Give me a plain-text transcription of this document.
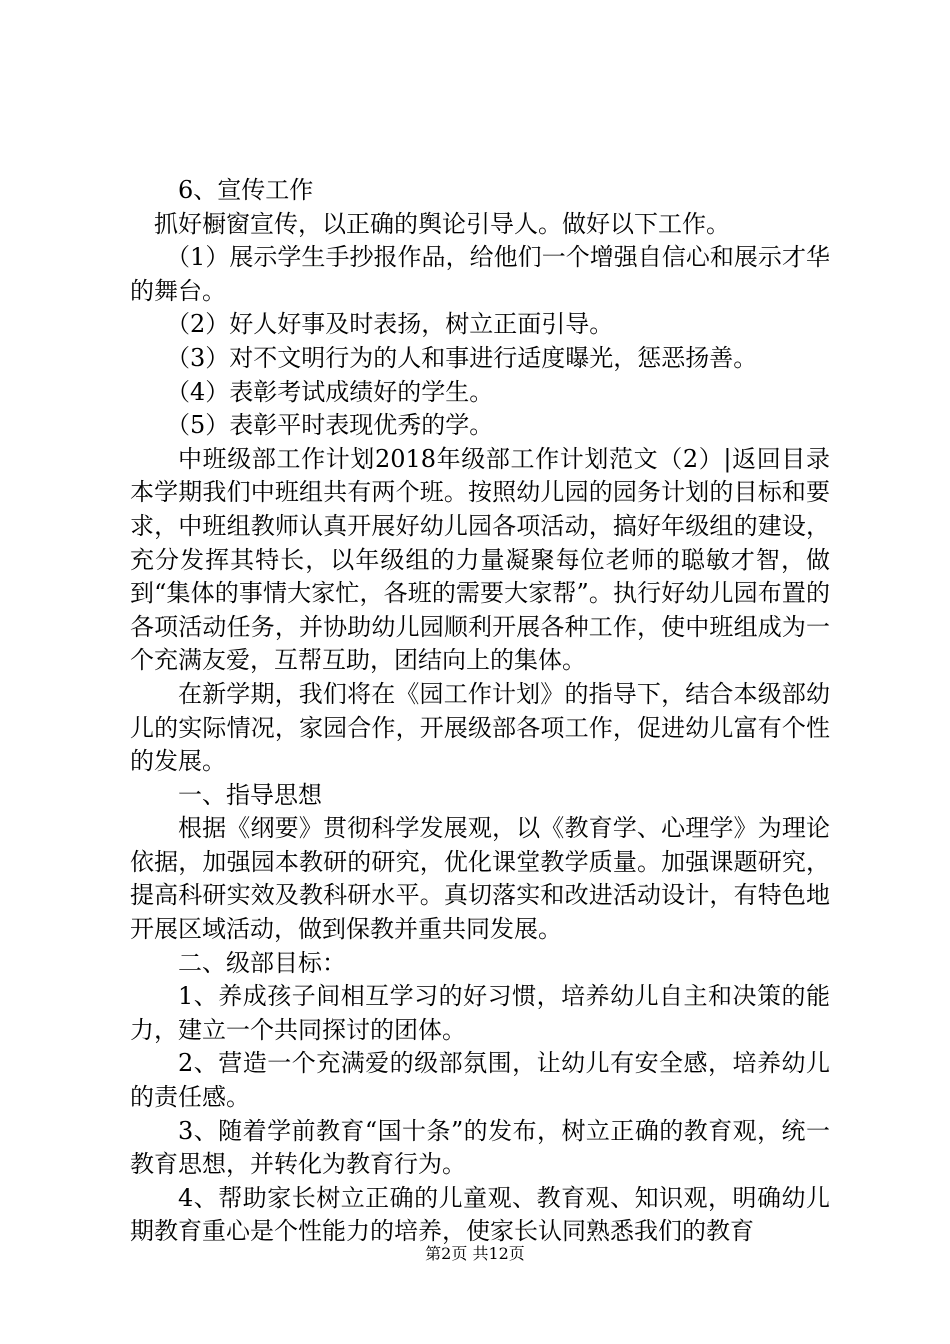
6、宣传工作

抓好橱窗宣传，以正确的舆论引导人。做好以下工作。

（1）展示学生手抄报作品，给他们一个增强自信心和展示才华的舞台。

（2）好人好事及时表扬，树立正面引导。

（3）对不文明行为的人和事进行适度曝光，惩恶扬善。

（4）表彰考试成绩好的学生。

（5）表彰平时表现优秀的学。

中班级部工作计划2018年级部工作计划范文（2）|返回目录本学期我们中班组共有两个班。按照幼儿园的园务计划的目标和要求，中班组教师认真开展好幼儿园各项活动，搞好年级组的建设，充分发挥其特长，以年级组的力量凝聚每位老师的聪敏才智，做到“集体的事情大家忙，各班的需要大家帮”。执行好幼儿园布置的各项活动任务，并协助幼儿园顺利开展各种工作，使中班组成为一个充满友爱，互帮互助，团结向上的集体。

在新学期，我们将在《园工作计划》的指导下，结合本级部幼儿的实际情况，家园合作，开展级部各项工作，促进幼儿富有个性的发展。

一、指导思想

根据《纲要》贯彻科学发展观，以《教育学、心理学》为理论依据，加强园本教研的研究，优化课堂教学质量。加强课题研究，提高科研实效及教科研水平。真切落实和改进活动设计，有特色地开展区域活动，做到保教并重共同发展。

二、级部目标：

1、养成孩子间相互学习的好习惯，培养幼儿自主和决策的能力，建立一个共同探讨的团体。

2、营造一个充满爱的级部氛围，让幼儿有安全感，培养幼儿的责任感。

3、随着学前教育“国十条”的发布，树立正确的教育观，统一教育思想，并转化为教育行为。

4、帮助家长树立正确的儿童观、教育观、知识观，明确幼儿期教育重心是个性能力的培养，使家长认同熟悉我们的教育

第2页 共12页
